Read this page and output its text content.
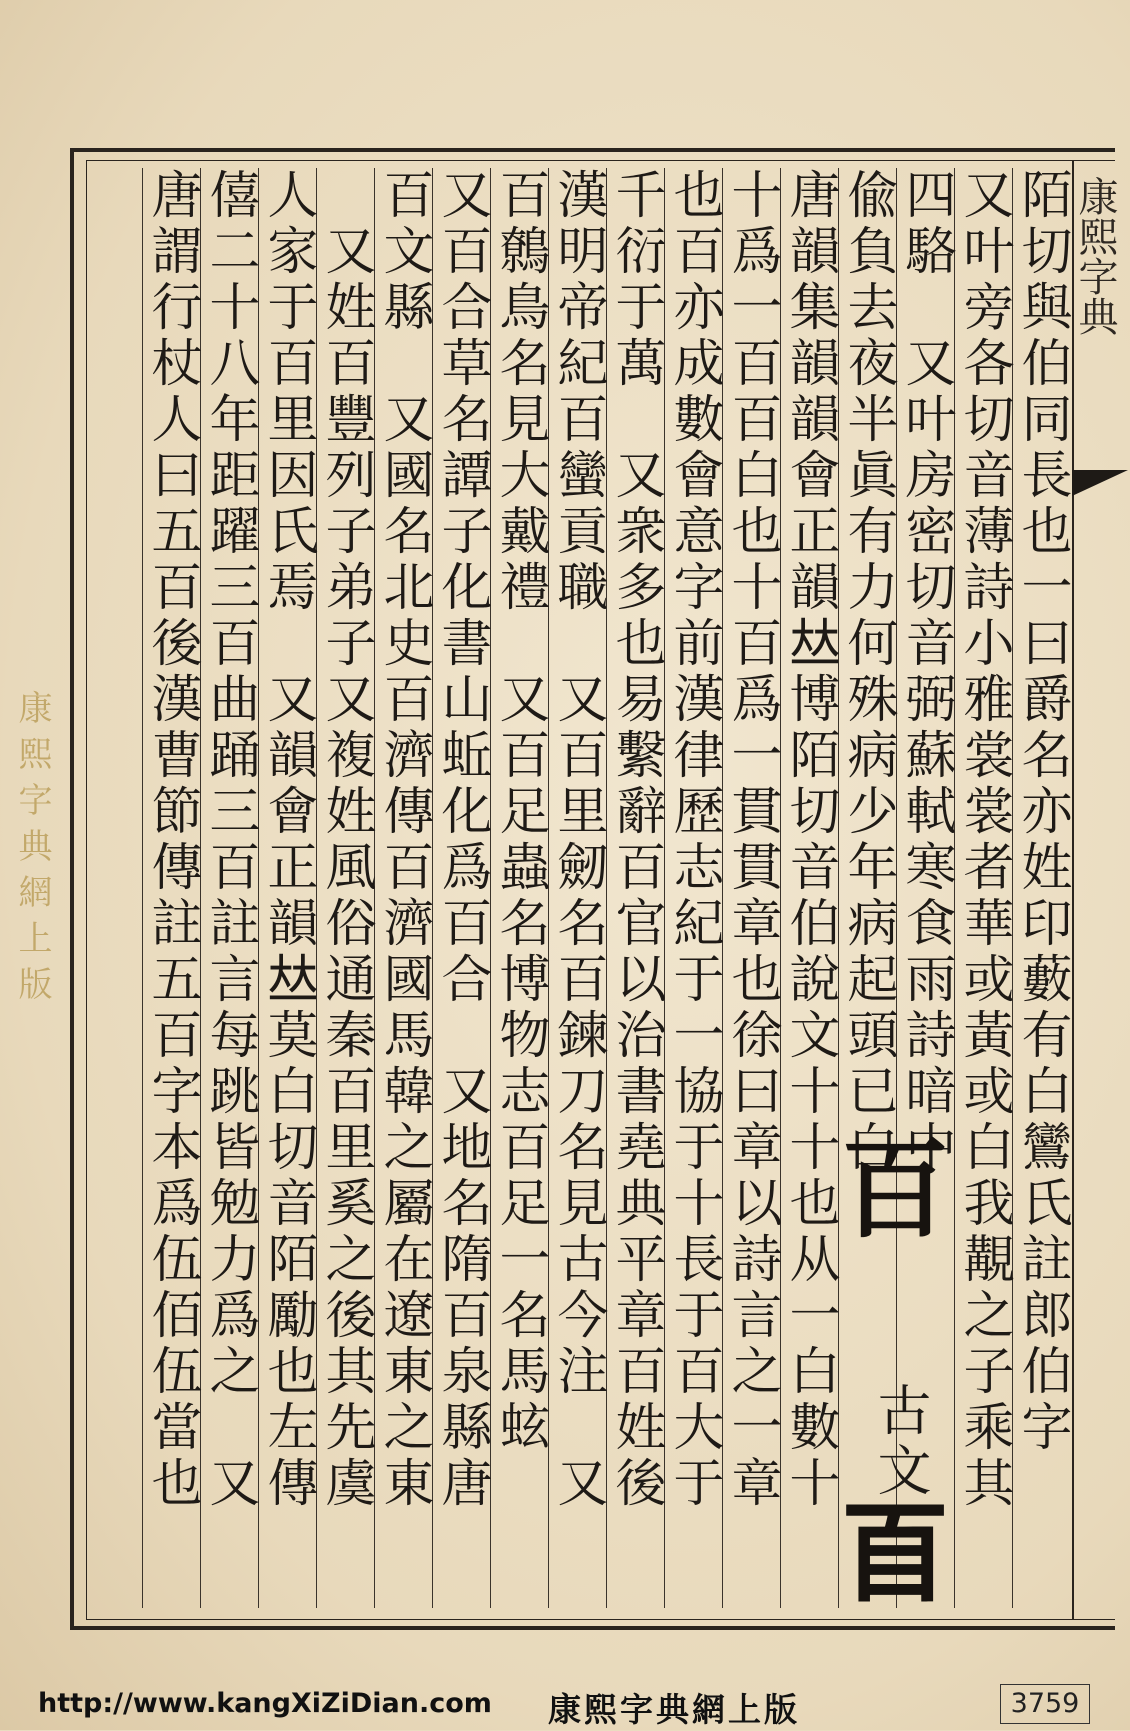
康熙字典
陌切與伯同長也一曰爵名亦姓印藪有白鸞氏註郎伯字
又叶旁各切音薄詩小雅裳裳者華或黃或白我覯之子乘其
四駱　又叶房密切音弼蘇軾寒食雨詩暗中
偸負去夜半眞有力何殊病少年病起頭已白
唐韻集韻韻會正韻𠀤博陌切音伯說文十十也从一白數十
十爲一百百白也十百爲一貫貫章也徐曰章以詩言之一章
也百亦成數會意字前漢律歷志紀于一協于十長于百大于
千衍于萬　又衆多也易繫辭百官以治書堯典平章百姓後
漢明帝紀百蠻貢職　又百里劒名百鍊刀名見古今注　又
百鷯鳥名見大戴禮　又百足蟲名博物志百足一名馬蚿
又百合草名譚子化書山蚯化爲百合　又地名隋百泉縣唐
百文縣　又國名北史百濟傳百濟國馬韓之屬在遼東之東
　又姓百豐列子弟子又複姓風俗通秦百里奚之後其先虞
人家于百里因氏焉　又韻會正韻𠀤莫白切音陌勵也左傳
僖二十八年距躍三百曲踊三百註言每跳皆勉力爲之　又
唐謂行杖人曰五百後漢曹節傳註五百字本爲伍佰伍當也	百
古文
𦣻
康熙字典網上版
http://www.kangXiZiDian.com 康熙字典網上版	3759
